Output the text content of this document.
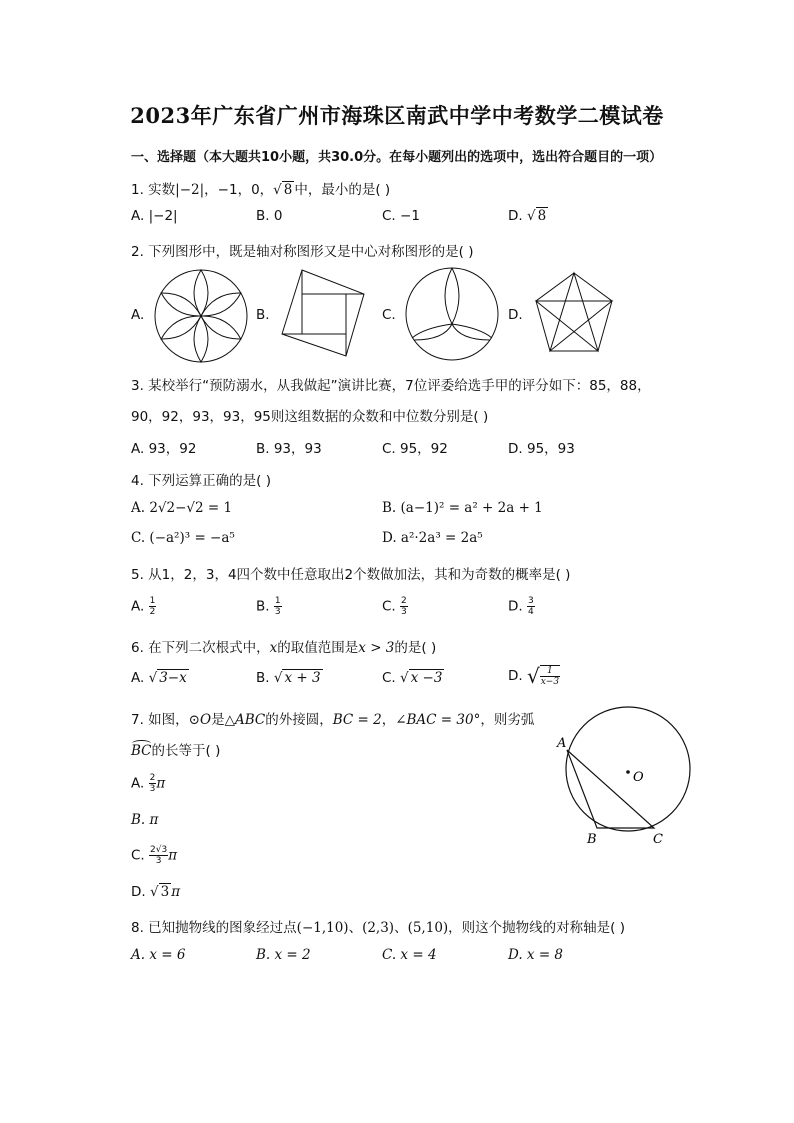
2023年广东省广州市海珠区南武中学中考数学二模试卷
一、选择题（本大题共10小题，共30.0分。在每小题列出的选项中，选出符合题目的一项）
1. 实数|−2|，−1，0，√ 8 中，最小的是( )
A. |−2|	B. 0	C. −1	D. √ 8
2. 下列图形中，既是轴对称图形又是中心对称图形的是( )
A.	B.	C.	D.
3. 某校举行“预防溺水，从我做起”演讲比赛，7位评委给选手甲的评分如下：85，88，
90，92，93，93，95则这组数据的众数和中位数分别是( )
A. 93，92	B. 93，93	C. 95，92	D. 95，93
4. 下列运算正确的是( )
A. 2√2−√2 = 1	B. (a−1)² = a² + 2a + 1
C. (−a²)³ = −a⁵	D. a²·2a³ = 2a⁵
5. 从1，2，3，4四个数中任意取出2个数做加法，其和为奇数的概率是( )
A. $\frac{1}{2}$	B. $\frac{1}{3}$	C. $\frac{2}{3}$	D. $\frac{3}{4}$
6. 在下列二次根式中，x的取值范围是x > 3的是( )
A. √ 3−x	B. √ x + 3	C. √ x −3	D. √ $\frac{1}{x-3}$
7. 如图，⊙O是△ABC的外接圆，BC = 2，∠BAC = 30°，则劣弧
BC的长等于( )
A. $\frac{2}{3}$ π
B. π
C. $\frac{2√3}{3}$ π
D. √ 3 π
A
B	C
O
8. 已知抛物线的图象经过点(−1,10)、(2,3)、(5,10)，则这个抛物线的对称轴是( )
A. x = 6	B. x = 2	C. x = 4	D. x = 8
